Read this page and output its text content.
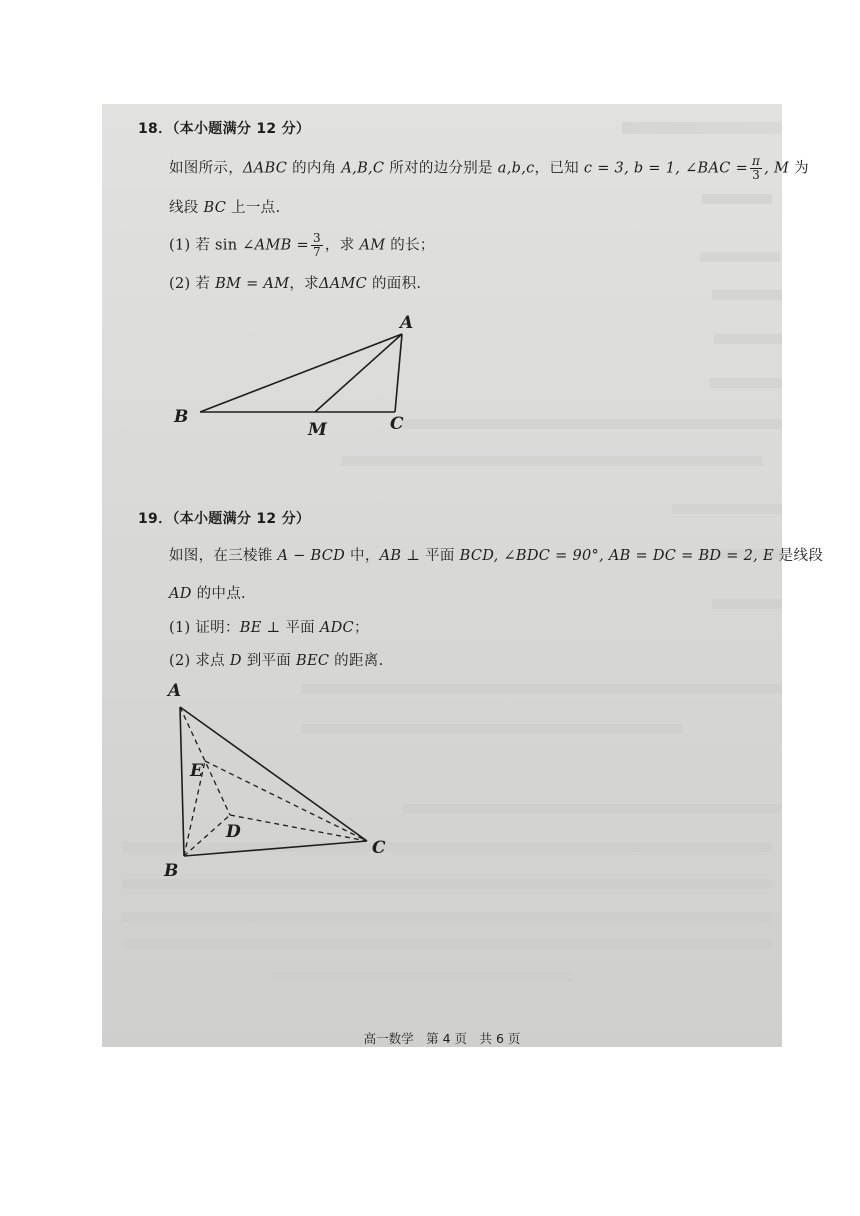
18．（本小题满分 12 分）
如图所示，ΔABC 的内角 A,B,C 所对的边分别是 a,b,c，已知 c = 3, b = 1, ∠BAC = $\frac{\pi}{3}$ , M 为
线段 BC 上一点.
(1) 若 sin ∠AMB = $\frac{3}{7}$ ，求 AM 的长；
(2) 若 BM = AM，求ΔAMC 的面积.
A
B	C
M
19．（本小题满分 12 分）
如图，在三棱锥 A − BCD 中，AB ⊥ 平面 BCD, ∠BDC = 90°, AB = DC = BD = 2, E 是线段
AD 的中点.
(1) 证明：BE ⊥ 平面 ADC；
(2) 求点 D 到平面 BEC 的距离.
A
B
C
D
E
高一数学　第 4 页　共 6 页
